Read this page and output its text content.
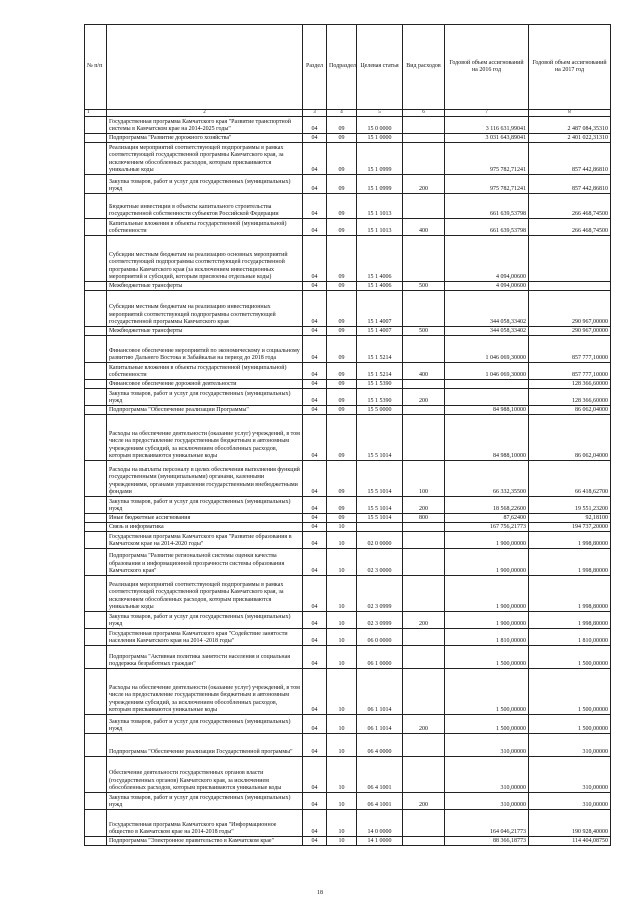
№ п/п		Раздел	Подраздел	Целевая статья	Вид расходов	Годовой объем ассигнований на 2016 год	Годовой объем ассигнований на 2017 год
1	2	3	4	5	6	7	8
	Государственная программа Камчатского края "Развитие транспортной системы в Камчатском крае на 2014-2025 годы"	04	09	15 0 0000		3 116 631,99041	2 487 084,35310
	Подпрограмма "Развитие дорожного хозяйства"	04	09	15 1 0000		3 031 643,89041	2 401 022,31310
	Реализация мероприятий соответствующей подпрограммы в рамках соответствующей государственной программы Камчатского края, за исключением обособленных расходов, которым присваиваются уникальные коды	04	09	15 1 0999		975 782,71241	857 442,86810
	Закупка товаров, работ и услуг для государственных (муниципальных) нужд	04	09	15 1 0999	200	975 782,71241	857 442,86810
	Бюджетные инвестиции в объекты капитального строительства государственной собственности субъектов Российской Федерации	04	09	15 1 1013		661 639,53798	266 468,74500
	Капитальные вложения в объекты государственной (муниципальной) собственности	04	09	15 1 1013	400	661 639,53798	266 468,74500
	Субсидии местным бюджетам на реализацию основных мероприятий соответствующей подпрограммы соответствующей государственной программы Камчатского края (за исключением инвестиционных мероприятий и субсидий, которым присвоены отдельные коды)	04	09	15 1 4006		4 094,00600	
	Межбюджетные трансферты	04	09	15 1 4006	500	4 094,00600	
	Субсидии местным бюджетам на реализацию инвестиционных мероприятий соответствующей подпрограммы соответствующей государственной программы Камчатского края	04	09	15 1 4007		344 058,33402	290 967,00000
	Межбюджетные трансферты	04	09	15 1 4007	500	344 058,33402	290 967,00000
	Финансовое обеспечение мероприятий по экономическому и социальному развитию Дальнего Востока и Забайкалья на период до 2018 года	04	09	15 1 5214		1 046 069,30000	857 777,10000
	Капитальные вложения в объекты государственной (муниципальной) собственности	04	09	15 1 5214	400	1 046 069,30000	857 777,10000
	Финансовое обеспечение дорожной деятельности	04	09	15 1 5390			128 366,60000
	Закупка товаров, работ и услуг для государственных (муниципальных) нужд	04	09	15 1 5390	200		128 366,60000
	Подпрограмма "Обеспечение реализации Программы"	04	09	15 5 0000		84 988,10000	86 062,04000
	Расходы на обеспечение деятельности (оказание услуг) учреждений, в том числе на предоставление государственным бюджетным и автономным учреждениям субсидий, за исключением обособленных расходов, которым присваиваются уникальные коды	04	09	15 5 1014		84 988,10000	86 062,04000
	Расходы на выплаты персоналу в целях обеспечения выполнения функций государственными (муниципальными) органами, казенными учреждениями, органами управления государственными внебюджетными фондами	04	09	15 5 1014	100	66 332,35500	66 418,62700
	Закупка товаров, работ и услуг для государственных (муниципальных) нужд	04	09	15 5 1014	200	18 568,22600	19 551,23200
	Иные бюджетные ассигнования	04	09	15 5 1014	800	87,62400	92,18100
	Связь и информатика	04	10			167 756,21773	194 737,20000
	Государственная программа Камчатского края "Развитие образования в Камчатском крае на 2014-2020 годы"	04	10	02 0 0000		1 900,00000	1 998,80000
	Подпрограмма "Развитие региональной системы оценки качества образования и информационной прозрачности системы образования Камчатского края"	04	10	02 3 0000		1 900,00000	1 998,80000
	Реализация мероприятий соответствующей подпрограммы в рамках соответствующей государственной программы Камчатского края, за исключением обособленных расходов, которым присваиваются уникальные коды	04	10	02 3 0999		1 900,00000	1 998,80000
	Закупка товаров, работ и услуг для государственных (муниципальных) нужд	04	10	02 3 0999	200	1 900,00000	1 998,80000
	Государственная программа Камчатского края "Содействие занятости населения Камчатского края на 2014 -2018 годы"	04	10	06 0 0000		1 810,00000	1 810,00000
	Подпрограмма "Активная политика занятости населения и социальная поддержка безработных граждан"	04	10	06 1 0000		1 500,00000	1 500,00000
	Расходы на обеспечение деятельности (оказание услуг) учреждений, в том числе на предоставление государственным бюджетным и автономным учреждениям субсидий, за исключением обособленных расходов, которым присваиваются уникальные коды	04	10	06 1 1014		1 500,00000	1 500,00000
	Закупка товаров, работ и услуг для государственных (муниципальных) нужд	04	10	06 1 1014	200	1 500,00000	1 500,00000
	Подпрограмма "Обеспечение реализации Государственной программы"	04	10	06 4 0000		310,00000	310,00000
	Обеспечение деятельности государственных органов власти (государственных органов) Камчатского края, за исключением обособленных расходов, которым присваиваются уникальные коды	04	10	06 4 1001		310,00000	310,00000
	Закупка товаров, работ и услуг для государственных (муниципальных) нужд	04	10	06 4 1001	200	310,00000	310,00000
	Государственная программа Камчатского края "Информационное общество в Камчатском крае на 2014-2018 годы"	04	10	14 0 0000		164 046,21773	190 928,40000
	Подпрограмма "Электронное правительство в Камчатском крае"	04	10	14 1 0000		88 366,18773	114 404,08750
18
